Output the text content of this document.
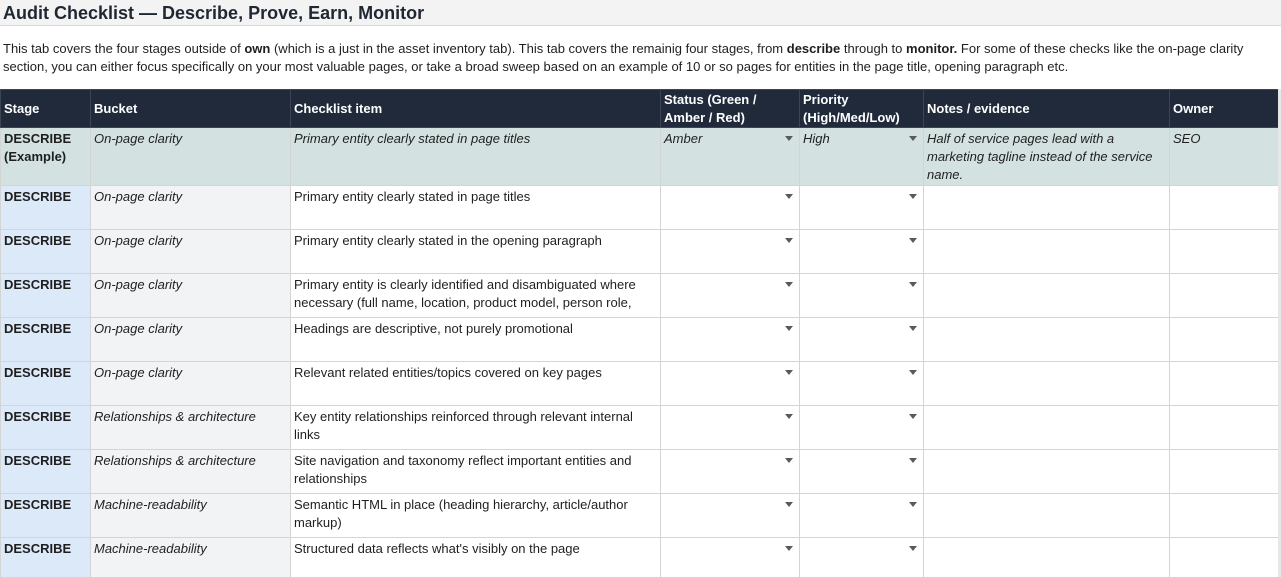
Audit Checklist — Describe, Prove, Earn, Monitor
This tab covers the four stages outside of own (which is a just in the asset inventory tab). This tab covers the remainig four stages, from describe through to monitor. For some of these checks like the on-page clarity section, you can either focus specifically on your most valuable pages, or take a broad sweep based on an example of 10 or so pages for entities in the page title, opening paragraph etc.
Stage	Bucket	Checklist item	Status (Green / Amber / Red)	Priority (High/Med/Low)	Notes / evidence	Owner
DESCRIBE (Example)	On-page clarity	Primary entity clearly stated in page titles	Amber	High	Half of service pages lead with a marketing tagline instead of the service name.	SEO
DESCRIBE	On-page clarity	Primary entity clearly stated in page titles				

DESCRIBE	On-page clarity	Primary entity clearly stated in the opening paragraph				

DESCRIBE	On-page clarity	Primary entity is clearly identified and disambiguated where necessary (full name, location, product model, person role,				

DESCRIBE	On-page clarity	Headings are descriptive, not purely promotional				

DESCRIBE	On-page clarity	Relevant related entities/topics covered on key pages				

DESCRIBE	Relationships & architecture	Key entity relationships reinforced through relevant internal links				

DESCRIBE	Relationships & architecture	Site navigation and taxonomy reflect important entities and relationships				

DESCRIBE	Machine-readability	Semantic HTML in place (heading hierarchy, article/author markup)				

DESCRIBE	Machine-readability	Structured data reflects what's visibly on the page				
